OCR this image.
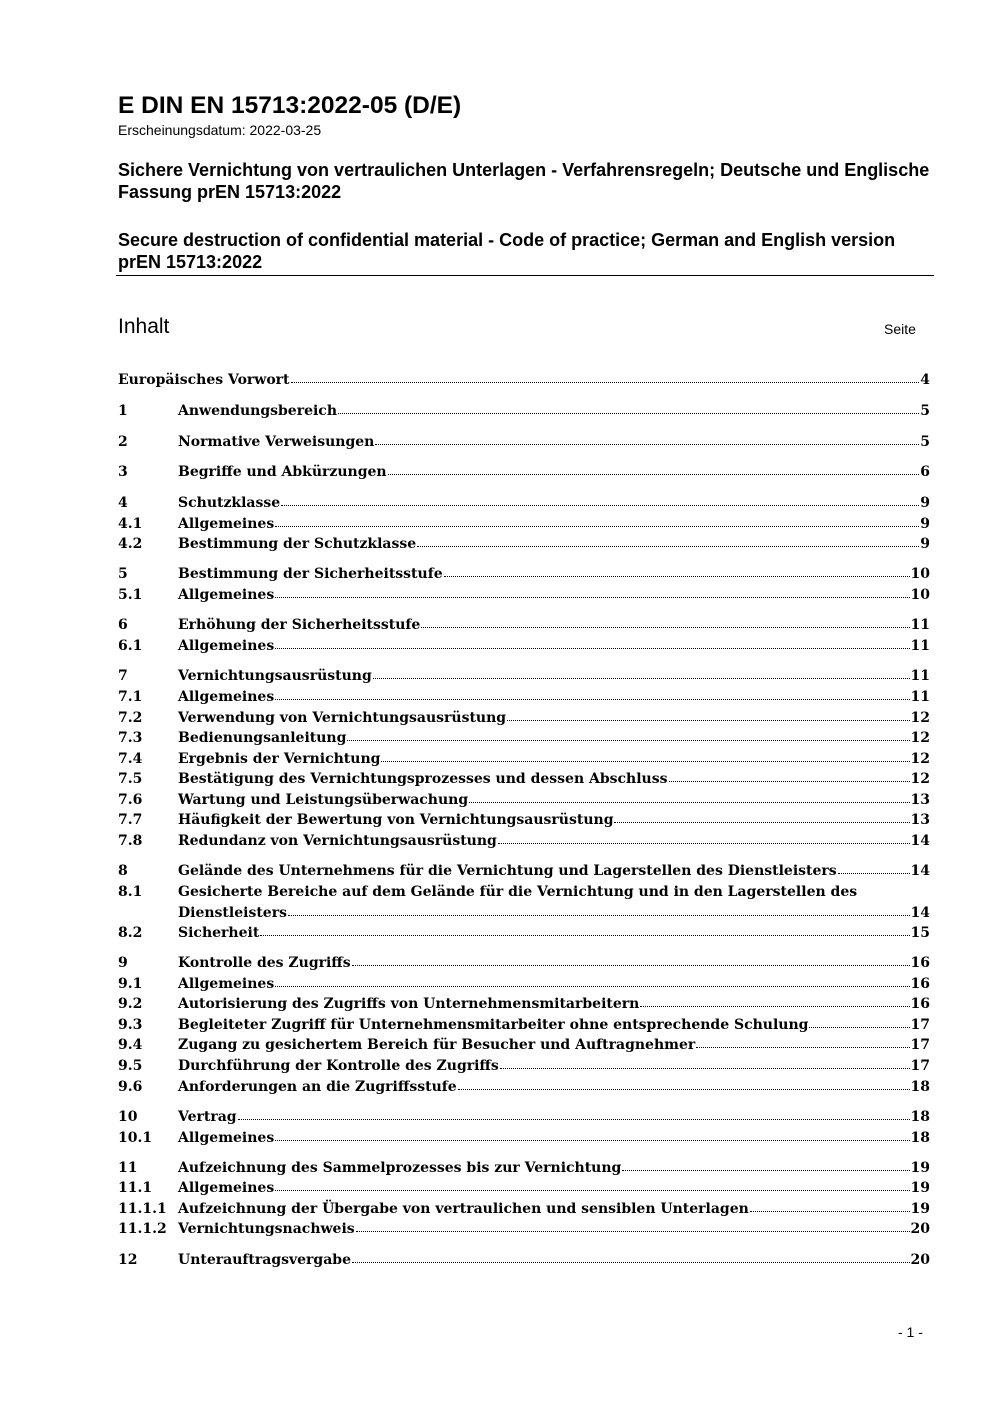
E DIN EN 15713:2022-05 (D/E)
Erscheinungsdatum: 2022-03-25
Sichere Vernichtung von vertraulichen Unterlagen - Verfahrensregeln; Deutsche und Englische Fassung prEN 15713:2022
Secure destruction of confidential material - Code of practice; German and English version prEN 15713:2022
Inhalt	Seite
Europäisches Vorwort	4
1	Anwendungsbereich	5
2	Normative Verweisungen	5
3	Begriffe und Abkürzungen	6
4	Schutzklasse	9
4.1	Allgemeines	9
4.2	Bestimmung der Schutzklasse	9
5	Bestimmung der Sicherheitsstufe	10
5.1	Allgemeines	10
6	Erhöhung der Sicherheitsstufe	11
6.1	Allgemeines	11
7	Vernichtungsausrüstung	11
7.1	Allgemeines	11
7.2	Verwendung von Vernichtungsausrüstung	12
7.3	Bedienungsanleitung	12
7.4	Ergebnis der Vernichtung	12
7.5	Bestätigung des Vernichtungsprozesses und dessen Abschluss	12
7.6	Wartung und Leistungsüberwachung	13
7.7	Häufigkeit der Bewertung von Vernichtungsausrüstung	13
7.8	Redundanz von Vernichtungsausrüstung	14
8	Gelände des Unternehmens für die Vernichtung und Lagerstellen des Dienstleisters	14
8.1	Gesicherte Bereiche auf dem Gelände für die Vernichtung und in den Lagerstellen des
Dienstleisters	14
8.2	Sicherheit	15
9	Kontrolle des Zugriffs	16
9.1	Allgemeines	16
9.2	Autorisierung des Zugriffs von Unternehmensmitarbeitern	16
9.3	Begleiteter Zugriff für Unternehmensmitarbeiter ohne entsprechende Schulung	17
9.4	Zugang zu gesichertem Bereich für Besucher und Auftragnehmer	17
9.5	Durchführung der Kontrolle des Zugriffs	17
9.6	Anforderungen an die Zugriffsstufe	18
10	Vertrag	18
10.1 Allgemeines	18
11	Aufzeichnung des Sammelprozesses bis zur Vernichtung	19
11.1 Allgemeines	19
11.1.1 Aufzeichnung der Übergabe von vertraulichen und sensiblen Unterlagen	19
11.1.2 Vernichtungsnachweis	20
12	Unterauftragsvergabe	20
- 1 -
